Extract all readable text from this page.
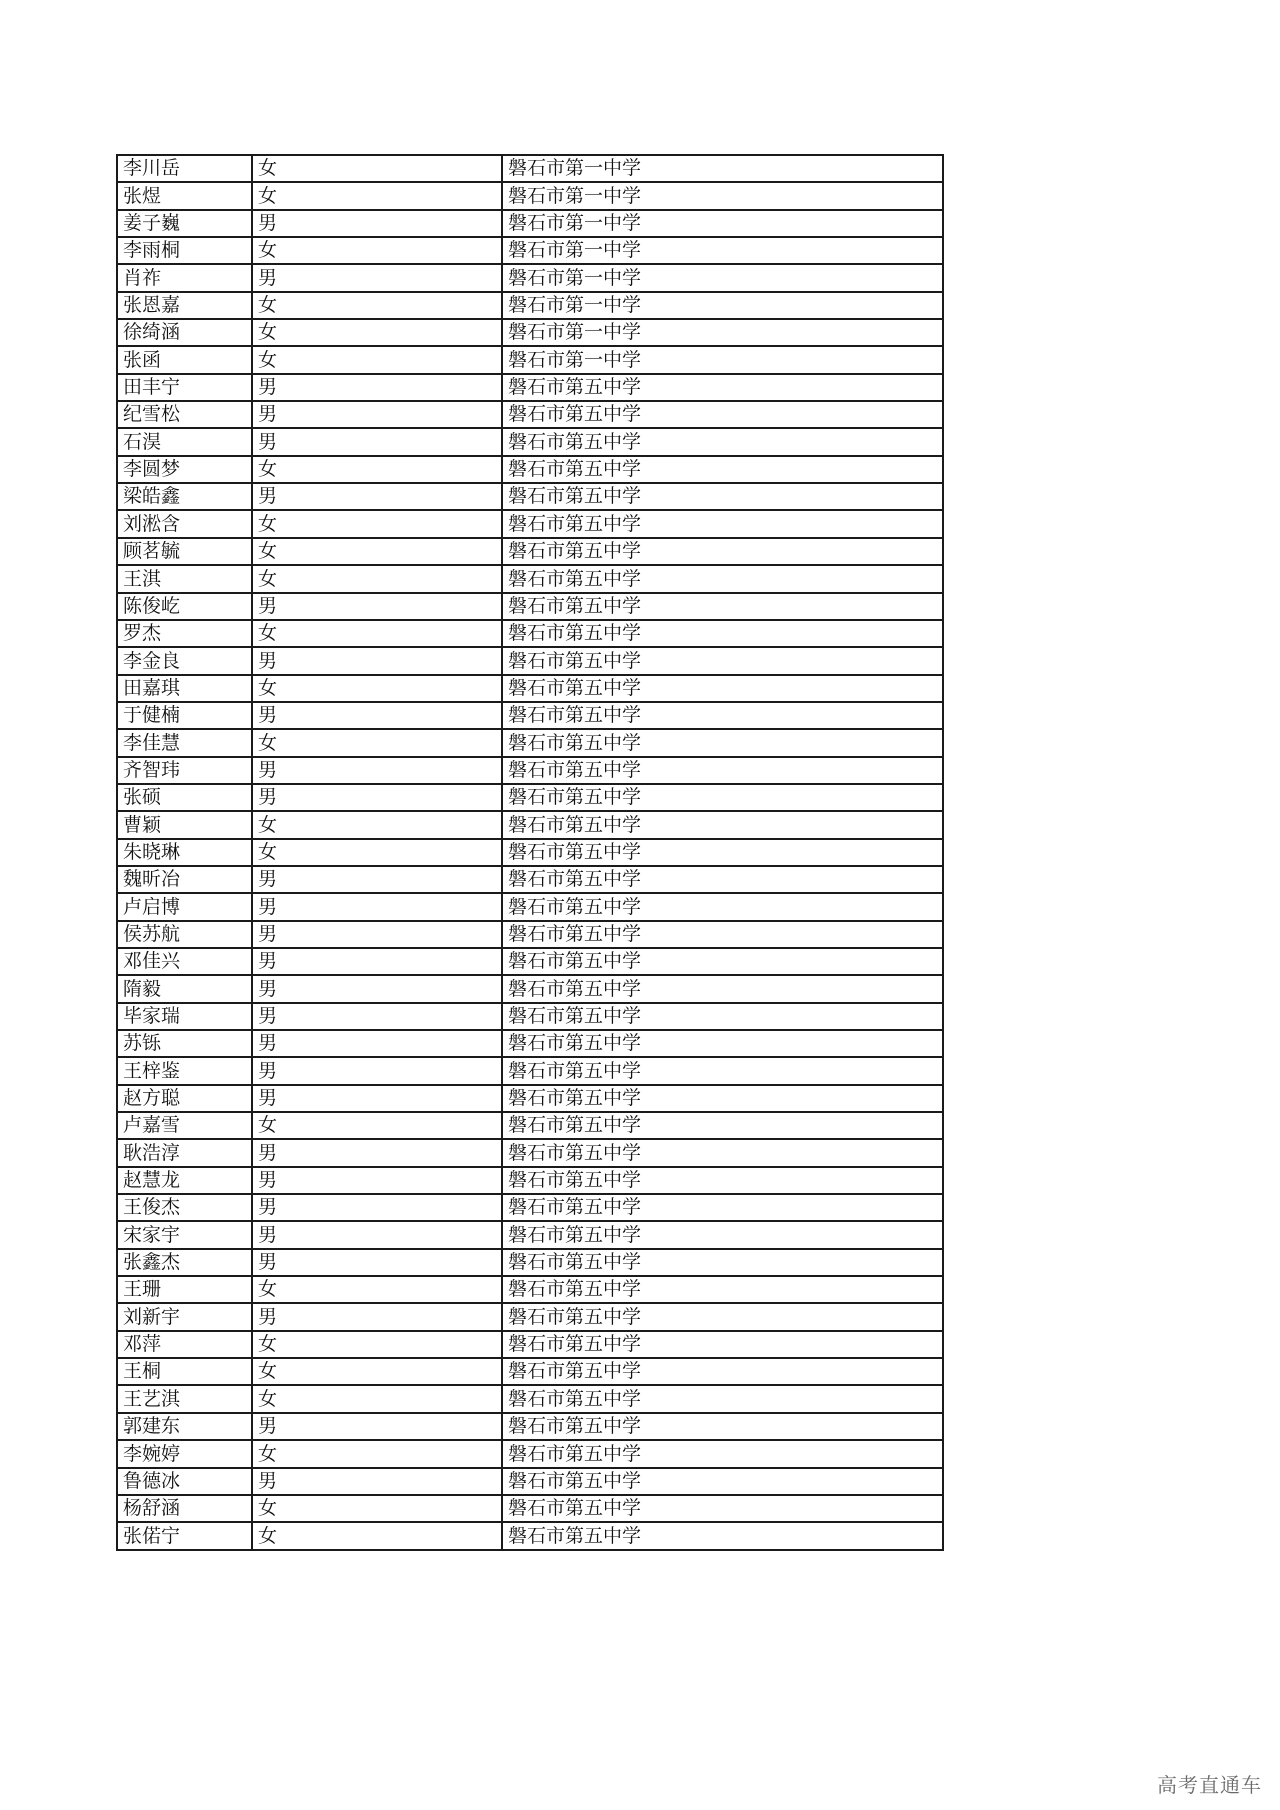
李川岳	女	磐石市第一中学
张煜	女	磐石市第一中学
姜子巍	男	磐石市第一中学
李雨桐	女	磐石市第一中学
肖祚	男	磐石市第一中学
张恩嘉	女	磐石市第一中学
徐绮涵	女	磐石市第一中学
张函	女	磐石市第一中学
田丰宁	男	磐石市第五中学
纪雪松	男	磐石市第五中学
石淏	男	磐石市第五中学
李圆梦	女	磐石市第五中学
梁皓鑫	男	磐石市第五中学
刘淞含	女	磐石市第五中学
顾茗毓	女	磐石市第五中学
王淇	女	磐石市第五中学
陈俊屹	男	磐石市第五中学
罗杰	女	磐石市第五中学
李金良	男	磐石市第五中学
田嘉琪	女	磐石市第五中学
于健楠	男	磐石市第五中学
李佳慧	女	磐石市第五中学
齐智玮	男	磐石市第五中学
张硕	男	磐石市第五中学
曹颖	女	磐石市第五中学
朱晓琳	女	磐石市第五中学
魏昕冶	男	磐石市第五中学
卢启博	男	磐石市第五中学
侯苏航	男	磐石市第五中学
邓佳兴	男	磐石市第五中学
隋毅	男	磐石市第五中学
毕家瑞	男	磐石市第五中学
苏铄	男	磐石市第五中学
王梓鉴	男	磐石市第五中学
赵方聪	男	磐石市第五中学
卢嘉雪	女	磐石市第五中学
耿浩淳	男	磐石市第五中学
赵慧龙	男	磐石市第五中学
王俊杰	男	磐石市第五中学
宋家宇	男	磐石市第五中学
张鑫杰	男	磐石市第五中学
王珊	女	磐石市第五中学
刘新宇	男	磐石市第五中学
邓萍	女	磐石市第五中学
王桐	女	磐石市第五中学
王艺淇	女	磐石市第五中学
郭建东	男	磐石市第五中学
李婉婷	女	磐石市第五中学
鲁德冰	男	磐石市第五中学
杨舒涵	女	磐石市第五中学
张偌宁	女	磐石市第五中学
高考直通车
